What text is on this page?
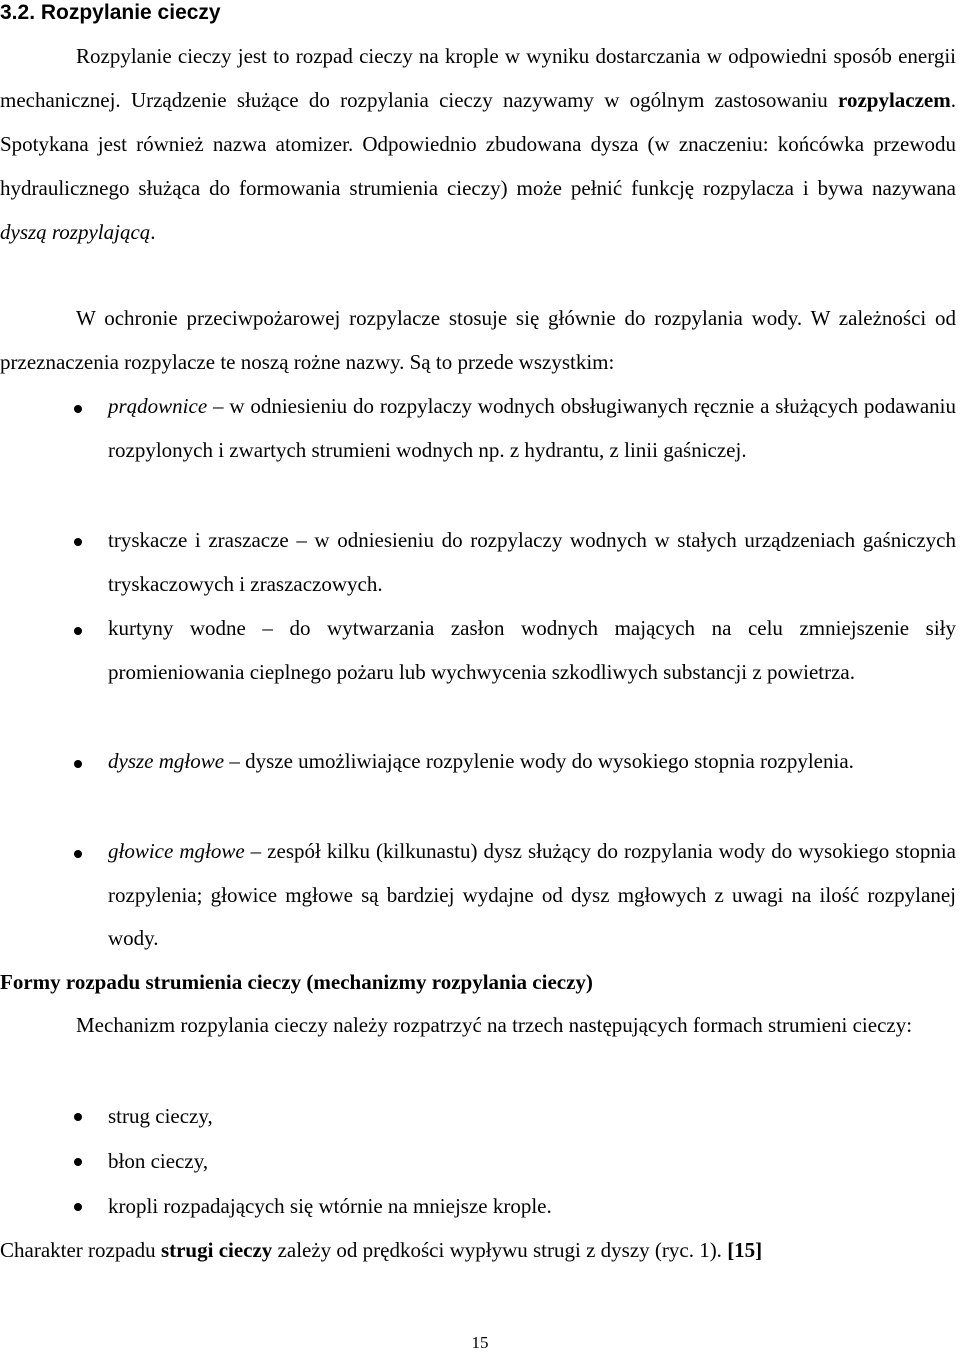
3.2. Rozpylanie cieczy
Rozpylanie cieczy jest to rozpad cieczy na krople w wyniku dostarczania w odpowiedni sposób energii mechanicznej. Urządzenie służące do rozpylania cieczy nazywamy w ogólnym zastosowaniu rozpylaczem. Spotykana jest również nazwa atomizer. Odpowiednio zbudowana dysza (w znaczeniu: końcówka przewodu hydraulicznego służąca do formowania strumienia cieczy) może pełnić funkcję rozpylacza i bywa nazywana dyszą rozpylającą.
W ochronie przeciwpożarowej rozpylacze stosuje się głównie do rozpylania wody. W zależności od przeznaczenia rozpylacze te noszą rożne nazwy. Są to przede wszystkim:
prądownice – w odniesieniu do rozpylaczy wodnych obsługiwanych ręcznie a służących podawaniu rozpylonych i zwartych strumieni wodnych np. z hydrantu, z linii gaśniczej.
tryskacze i zraszacze – w odniesieniu do rozpylaczy wodnych w stałych urządzeniach gaśniczych tryskaczowych i zraszaczowych.
kurtyny wodne – do wytwarzania zasłon wodnych mających na celu zmniejszenie siły promieniowania cieplnego pożaru lub wychwycenia szkodliwych substancji z powietrza.
dysze mgłowe – dysze umożliwiające rozpylenie wody do wysokiego stopnia rozpylenia.
głowice mgłowe – zespół kilku (kilkunastu) dysz służący do rozpylania wody do wysokiego stopnia rozpylenia; głowice mgłowe są bardziej wydajne od dysz mgłowych z uwagi na ilość rozpylanej wody.
Formy rozpadu strumienia cieczy (mechanizmy rozpylania cieczy)
Mechanizm rozpylania cieczy należy rozpatrzyć na trzech następujących formach strumieni cieczy:
strug cieczy,
błon cieczy,
kropli rozpadających się wtórnie na mniejsze krople.
Charakter rozpadu strugi cieczy zależy od prędkości wypływu strugi z dyszy (ryc. 1). [15]
15
